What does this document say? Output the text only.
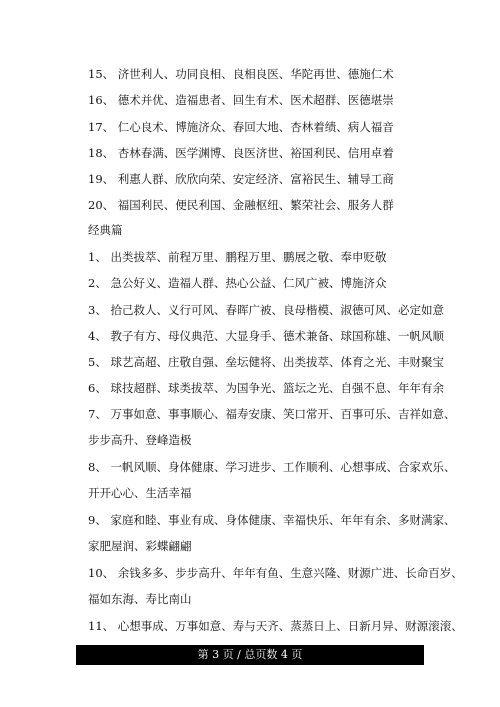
15、 济世利人、功同良相、良相良医、华陀再世、德施仁术
16、 德术并优、造福患者、回生有术、医术超群、医德堪崇
17、 仁心良术、博施济众、春回大地、杏林着绩、病人福音
18、 杏林春满、医学渊博、良医济世、裕国利民、信用卓着
19、 利惠人群、欣欣向荣、安定经济、富裕民生、辅导工商
20、 福国利民、便民利国、金融枢纽、繁荣社会、服务人群
经典篇
1、 出类拔萃、前程万里、鹏程万里、鹏展之敬、奉申贬敬
2、 急公好义、造福人群、热心公益、仁风广被、博施济众
3、 拾己救人、义行可风、春晖广被、良母楷模、淑德可风、必定如意
4、 教子有方、母仪典范、大显身手、德术兼备、球国称雄、一帆风顺
5、 球艺高超、庄敬自强、垒坛健将、出类拔萃、体育之光、丰财聚宝
6、 球技超群、球类拔萃、为国争光、篮坛之光、自强不息、年年有余
7、 万事如意、事事顺心、福寿安康、笑口常开、百事可乐、吉祥如意、
步步高升、登峰造极
8、 一帆风顺、身体健康、学习进步、工作顺利、心想事成、合家欢乐、
开开心心、生活幸福
9、 家庭和睦、事业有成、身体健康、幸福快乐、年年有余、多财满家、
家肥屋润、彩蝶翩翩
10、 余钱多多、步步高升、年年有鱼、生意兴隆、财源广进、长命百岁、
福如东海、寿比南山
11、 心想事成、万事如意、寿与天齐、蒸蒸日上、日新月异、财源滚滚、
第 3 页 / 总页数 4 页
